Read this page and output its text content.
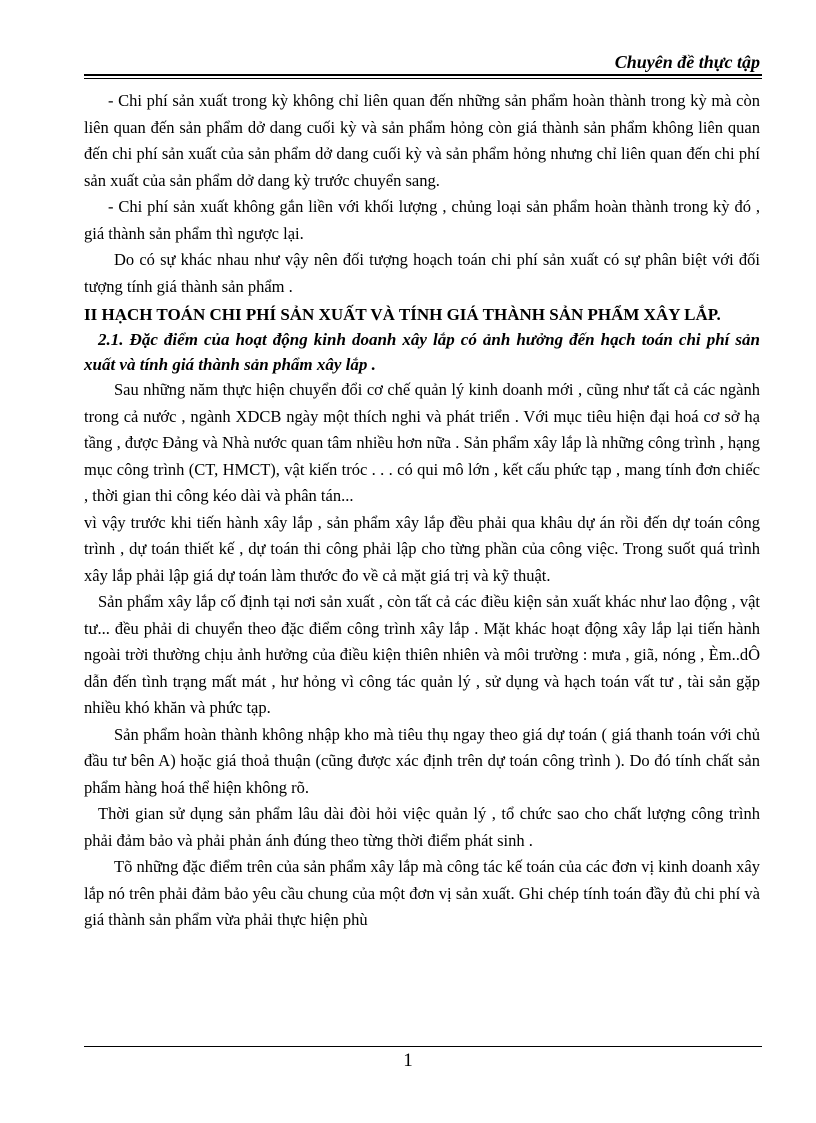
Chuyên đề thực tập

- Chi phí sản xuất trong kỳ không chỉ liên quan đến những sản phẩm hoàn thành trong kỳ mà còn liên quan đến sản phẩm dở dang cuối kỳ và sản phẩm hỏng còn giá thành sản phẩm không liên quan đến chi phí sản xuất của sản phẩm dở dang cuối kỳ và sản phẩm hỏng nhưng chỉ liên quan đến chi phí sản xuất của sản phẩm dở dang kỳ trước chuyển sang.

- Chi phí sản xuất không gắn liền với khối lượng , chủng loại sản phẩm hoàn thành trong kỳ đó , giá thành sản phẩm thì ngược lại.

Do có sự khác nhau như vậy nên đối tượng hoạch toán chi phí sản xuất có sự phân biệt với đối tượng tính giá thành sản phẩm .

II HẠCH TOÁN CHI PHÍ SẢN XUẤT VÀ TÍNH GIÁ THÀNH SẢN PHẨM XÂY LẮP.

2.1. Đặc điểm của hoạt động kinh doanh xây lắp có ảnh hưởng đến hạch toán chi phí sản xuất và tính giá thành sản phẩm xây lắp .

Sau những năm thực hiện chuyển đổi cơ chế quản lý kinh doanh mới , cũng như tất cả các ngành trong cả nước , ngành XDCB ngày một thích nghi và phát triển . Với mục tiêu hiện đại hoá cơ sở hạ tầng , được Đảng và Nhà nước quan tâm nhiều hơn nữa . Sản phẩm xây lắp là những công trình , hạng mục công trình (CT, HMCT), vật kiến tróc . . . có qui mô lớn , kết cấu phức tạp , mang tính đơn chiếc , thời gian thi công kéo dài và phân tán...

vì vậy trước khi tiến hành xây lắp , sản phẩm xây lắp đều phải qua khâu dự án rồi đến dự toán công trình , dự toán thiết kế , dự toán thi công phải lập cho từng phần của công việc. Trong suốt quá trình xây lắp phải lập giá dự toán làm thước đo về cả mặt giá trị và kỹ thuật.

Sản phẩm xây lắp cố định tại nơi sản xuất , còn tất cả các điều kiện sản xuất khác như lao động , vật tư... đều phải di chuyển theo đặc điểm công trình xây lắp . Mặt khác hoạt động xây lắp lại tiến hành ngoài trời thường chịu ảnh hưởng của điều kiện thiên nhiên và môi trường : mưa , giã, nóng , Èm..dÔ dẫn đến tình trạng mất mát , hư hỏng vì công tác quản lý , sử dụng và hạch toán vất tư , tài sản gặp nhiều khó khăn và phức tạp.

Sản phẩm hoàn thành không nhập kho mà tiêu thụ ngay theo giá dự toán ( giá thanh toán với chủ đầu tư bên A) hoặc giá thoả thuận (cũng được xác định trên dự toán công trình ). Do đó tính chất sản phẩm hàng hoá thể hiện không rõ.

Thời gian sử dụng sản phẩm lâu dài đòi hỏi việc quản lý , tổ chức sao cho chất lượng công trình phải đảm bảo và phải phản ánh đúng theo từng thời điểm phát sinh .

Tõ những đặc điểm trên của sản phẩm xây lắp mà công tác kế toán của các đơn vị kinh doanh xây lắp nó trên phải đảm bảo yêu cầu chung của một đơn vị sản xuất. Ghi chép tính toán đầy đủ chi phí và giá thành sản phẩm vừa phải thực hiện phù

1
